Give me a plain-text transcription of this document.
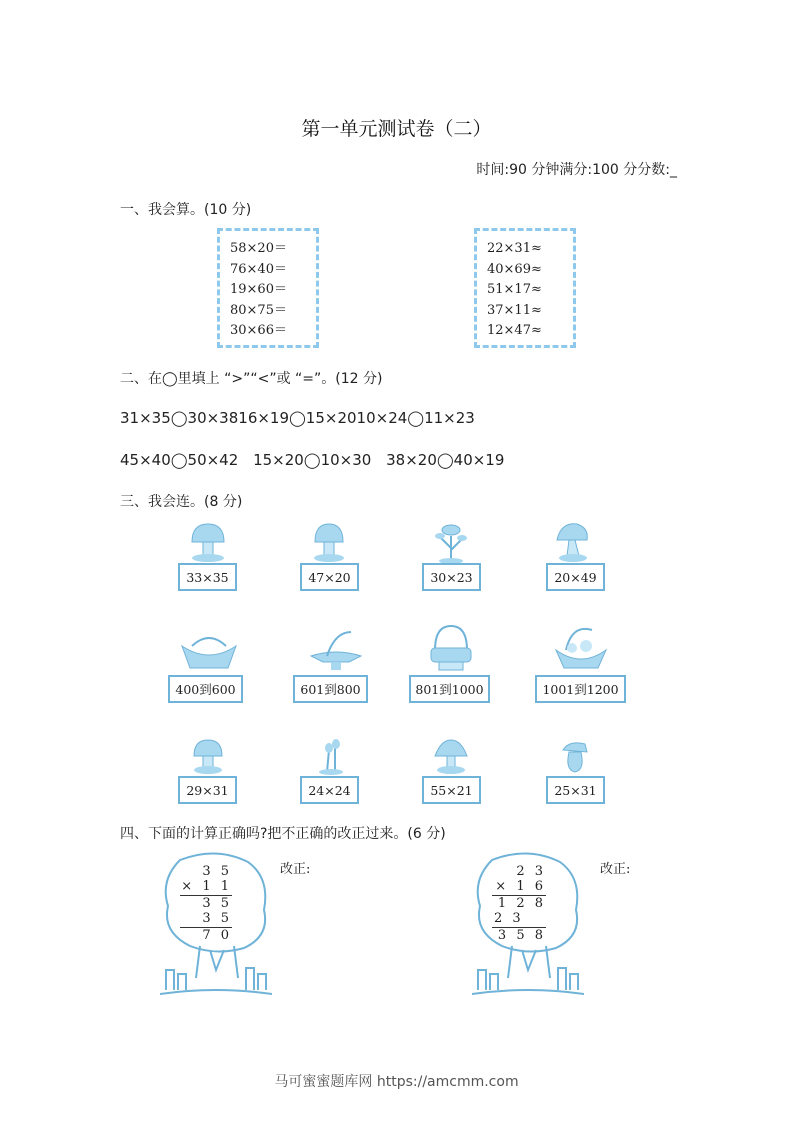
第一单元测试卷（二）
时间:90 分钟满分:100 分分数:_
一、我会算。(10 分)
58×20＝
76×40＝
19×60＝
80×75＝
30×66＝
22×31≈
40×69≈
51×17≈
37×11≈
12×47≈
二、在◯里填上 “>”“<”或 “=”。(12 分)
31×35◯30×3816×19◯15×2010×24◯11×23
45×40◯50×42 15×20◯10×30 38×20◯40×19
三、我会连。(8 分)
33×35	47×20	30×23	20×49
400到600	601到800	801到1000	1001到1200
29×31	24×24	55×21	25×31
四、下面的计算正确吗?把不正确的改正过来。(6 分)
3 5
× 1 1
3 5
3 5
7 0
改正:	2 3
× 1 6
1 2 8
2 3
3 5 8
改正:
马可蜜蜜题库网 https://amcmm.com
